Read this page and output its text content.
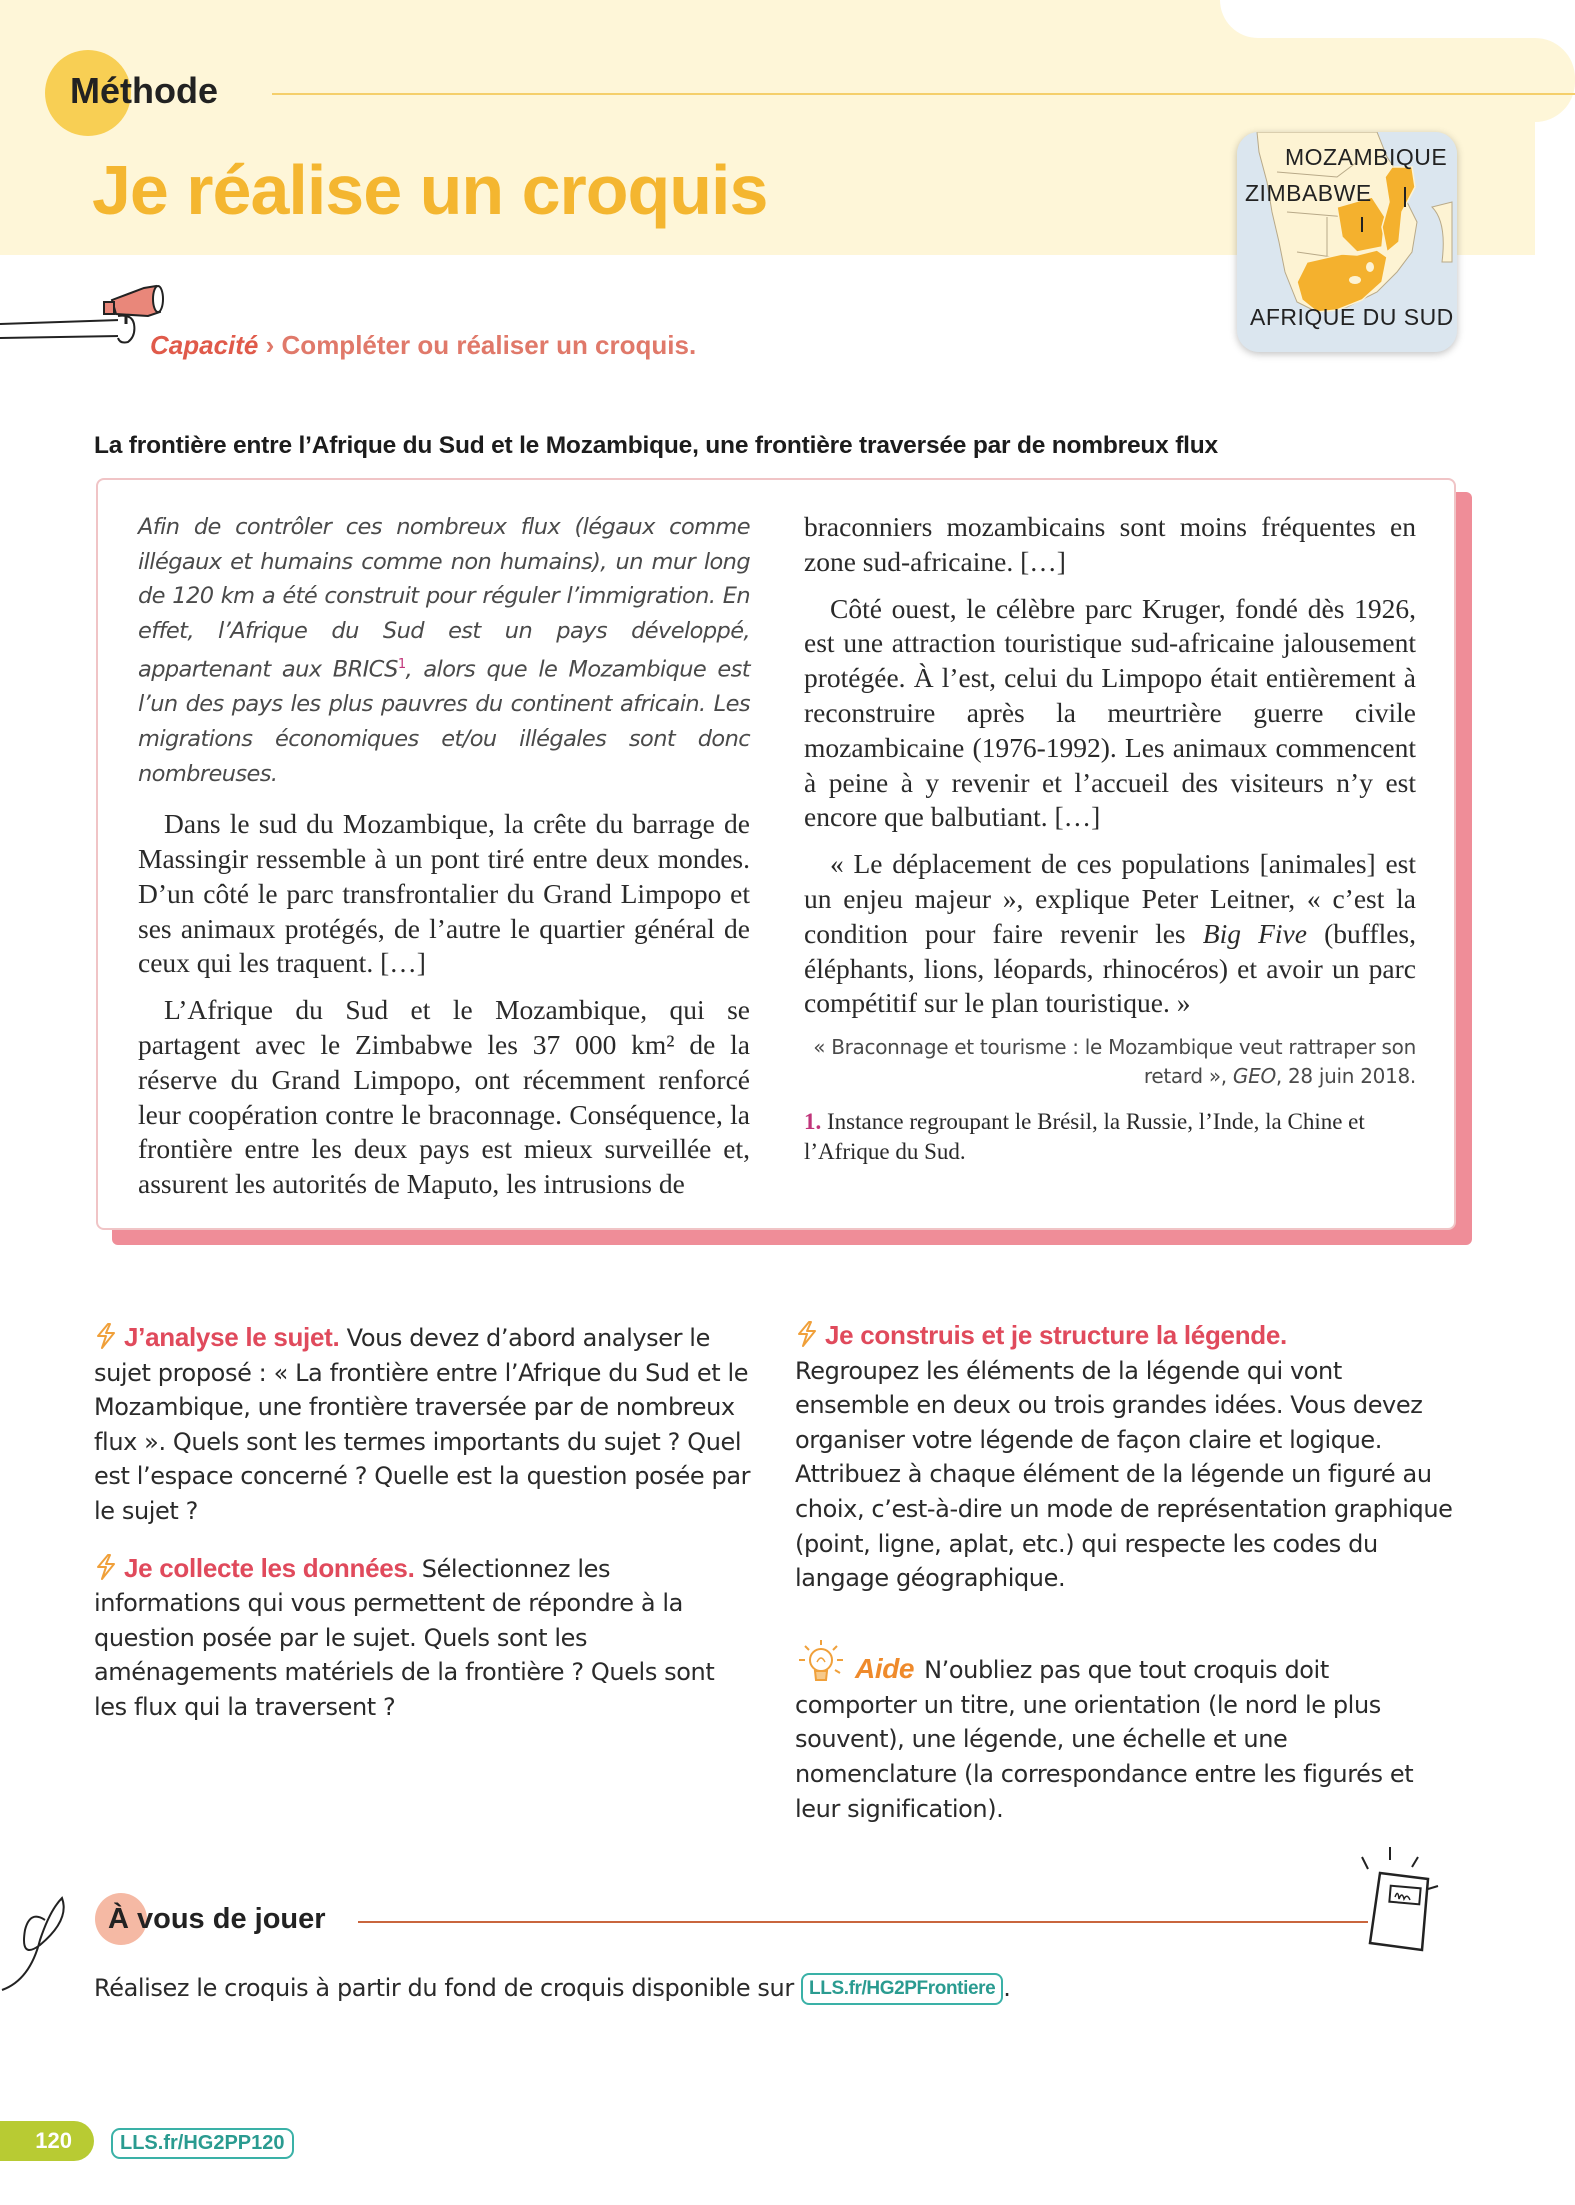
Méthode
Je réalise un croquis	MOZAMBIQUE
ZIMBABWE
AFRIQUE DU SUD
Capacité › Compléter ou réaliser un croquis.
La frontière entre l’Afrique du Sud et le Mozambique, une frontière traversée par de nombreux flux

Afin de contrôler ces nombreux flux (légaux comme illégaux et humains comme non humains), un mur long de 120 km a été construit pour réguler l’immigration. En effet, l’Afrique du Sud est un pays développé, appartenant aux BRICS$^1$, alors que le Mozambique est l’un des pays les plus pauvres du continent africain. Les migrations économiques et/ou illégales sont donc nombreuses.

Dans le sud du Mozambique, la crête du barrage de Massingir ressemble à un pont tiré entre deux mondes. D’un côté le parc transfrontalier du Grand Limpopo et ses animaux protégés, de l’autre le quartier général de ceux qui les traquent. […]

L’Afrique du Sud et le Mozambique, qui se partagent avec le Zimbabwe les 37 000 km² de la réserve du Grand Limpopo, ont récemment renforcé leur coopération contre le braconnage. Conséquence, la frontière entre les deux pays est mieux surveillée et, assurent les autorités de Maputo, les intrusions de

braconniers mozambicains sont moins fréquentes en zone sud-africaine. […]

Côté ouest, le célèbre parc Kruger, fondé dès 1926, est une attraction touristique sud-africaine jalousement protégée. À l’est, celui du Limpopo était entièrement à reconstruire après la meurtrière guerre civile mozambicaine (1976-1992). Les animaux commencent à peine à y revenir et l’accueil des visiteurs n’y est encore que balbutiant. […]

« Le déplacement de ces populations [animales] est un enjeu majeur », explique Peter Leitner, « c’est la condition pour faire revenir les Big Five (buffles, éléphants, lions, léopards, rhinocéros) et avoir un parc compétitif sur le plan touristique. »

« Braconnage et tourisme : le Mozambique veut rattraper son retard », GEO, 28 juin 2018.

1. Instance regroupant le Brésil, la Russie, l’Inde, la Chine et l’Afrique du Sud.

J’analyse le sujet. Vous devez d’abord analyser le sujet proposé : « La frontière entre l’Afrique du Sud et le Mozambique, une frontière traversée par de nombreux flux ». Quels sont les termes importants du sujet ? Quel est l’espace concerné ? Quelle est la question posée par le sujet ?
Je collecte les données. Sélectionnez les informations qui vous permettent de répondre à la question posée par le sujet. Quels sont les aménagements matériels de la frontière ? Quels sont les flux qui la traversent ?
Je construis et je structure la légende.
Regroupez les éléments de la légende qui vont ensemble en deux ou trois grandes idées. Vous devez organiser votre légende de façon claire et logique. Attribuez à chaque élément de la légende un figuré au choix, c’est-à-dire un mode de représentation graphique (point, ligne, aplat, etc.) qui respecte les codes du langage géographique.
Aide N’oubliez pas que tout croquis doit comporter un titre, une orientation (le nord le plus souvent), une légende, une échelle et une nomenclature (la correspondance entre les figurés et leur signification).
À vous de jouer

Réalisez le croquis à partir du fond de croquis disponible sur LLS.fr/HG2PFrontiere .

120	LLS.fr/HG2PP120
